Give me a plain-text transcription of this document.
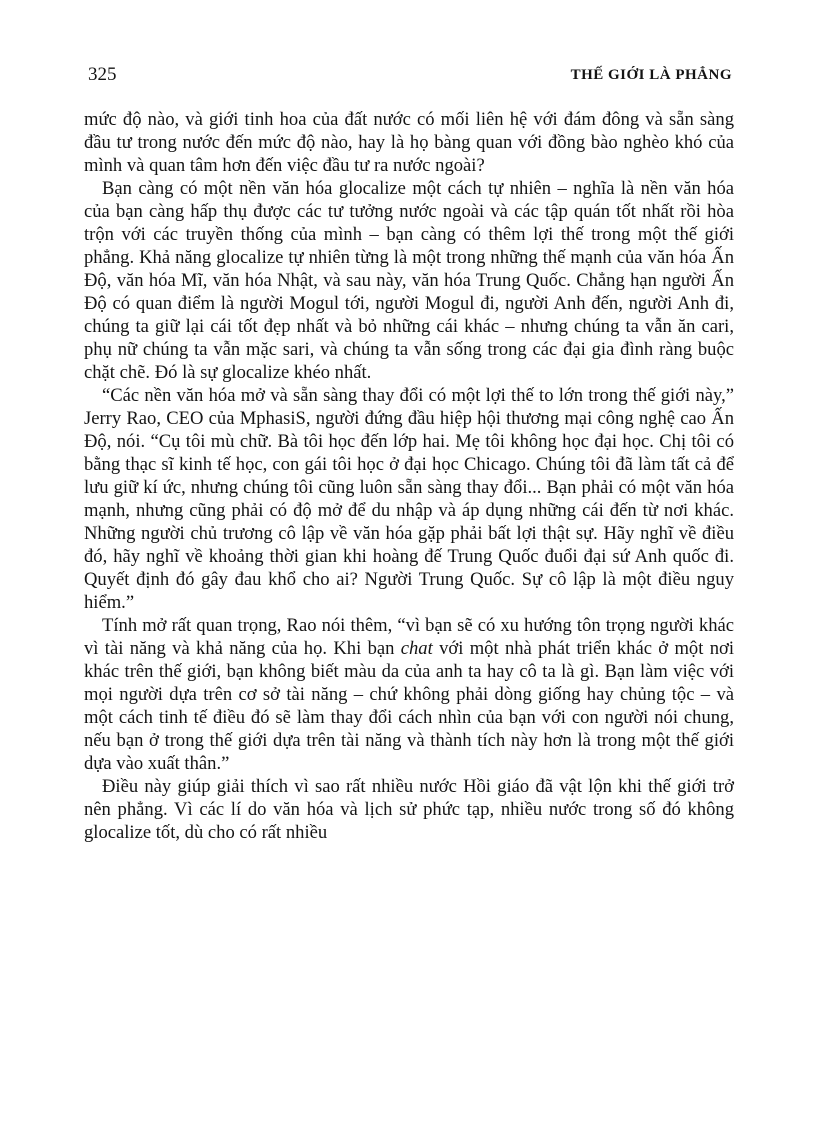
325	THẾ GIỚI LÀ PHẲNG

mức độ nào, và giới tinh hoa của đất nước có mối liên hệ với đám đông và sẵn sàng đầu tư trong nước đến mức độ nào, hay là họ bàng quan với đồng bào nghèo khó của mình và quan tâm hơn đến việc đầu tư ra nước ngoài?

Bạn càng có một nền văn hóa glocalize một cách tự nhiên – nghĩa là nền văn hóa của bạn càng hấp thụ được các tư tưởng nước ngoài và các tập quán tốt nhất rồi hòa trộn với các truyền thống của mình – bạn càng có thêm lợi thế trong một thế giới phẳng. Khả năng glocalize tự nhiên từng là một trong những thế mạnh của văn hóa Ấn Độ, văn hóa Mĩ, văn hóa Nhật, và sau này, văn hóa Trung Quốc. Chẳng hạn người Ấn Độ có quan điểm là người Mogul tới, người Mogul đi, người Anh đến, người Anh đi, chúng ta giữ lại cái tốt đẹp nhất và bỏ những cái khác – nhưng chúng ta vẫn ăn cari, phụ nữ chúng ta vẫn mặc sari, và chúng ta vẫn sống trong các đại gia đình ràng buộc chặt chẽ. Đó là sự glocalize khéo nhất.

“Các nền văn hóa mở và sẵn sàng thay đổi có một lợi thế to lớn trong thế giới này,” Jerry Rao, CEO của MphasiS, người đứng đầu hiệp hội thương mại công nghệ cao Ấn Độ, nói. “Cụ tôi mù chữ. Bà tôi học đến lớp hai. Mẹ tôi không học đại học. Chị tôi có bằng thạc sĩ kinh tế học, con gái tôi học ở đại học Chicago. Chúng tôi đã làm tất cả để lưu giữ kí ức, nhưng chúng tôi cũng luôn sẵn sàng thay đổi... Bạn phải có một văn hóa mạnh, nhưng cũng phải có độ mở để du nhập và áp dụng những cái đến từ nơi khác. Những người chủ trương cô lập về văn hóa gặp phải bất lợi thật sự. Hãy nghĩ về điều đó, hãy nghĩ về khoảng thời gian khi hoàng đế Trung Quốc đuổi đại sứ Anh quốc đi. Quyết định đó gây đau khổ cho ai? Người Trung Quốc. Sự cô lập là một điều nguy hiểm.”

Tính mở rất quan trọng, Rao nói thêm, “vì bạn sẽ có xu hướng tôn trọng người khác vì tài năng và khả năng của họ. Khi bạn chat với một nhà phát triển khác ở một nơi khác trên thế giới, bạn không biết màu da của anh ta hay cô ta là gì. Bạn làm việc với mọi người dựa trên cơ sở tài năng – chứ không phải dòng giống hay chủng tộc – và một cách tinh tế điều đó sẽ làm thay đổi cách nhìn của bạn với con người nói chung, nếu bạn ở trong thế giới dựa trên tài năng và thành tích này hơn là trong một thế giới dựa vào xuất thân.”

Điều này giúp giải thích vì sao rất nhiều nước Hồi giáo đã vật lộn khi thế giới trở nên phẳng. Vì các lí do văn hóa và lịch sử phức tạp, nhiều nước trong số đó không glocalize tốt, dù cho có rất nhiều
